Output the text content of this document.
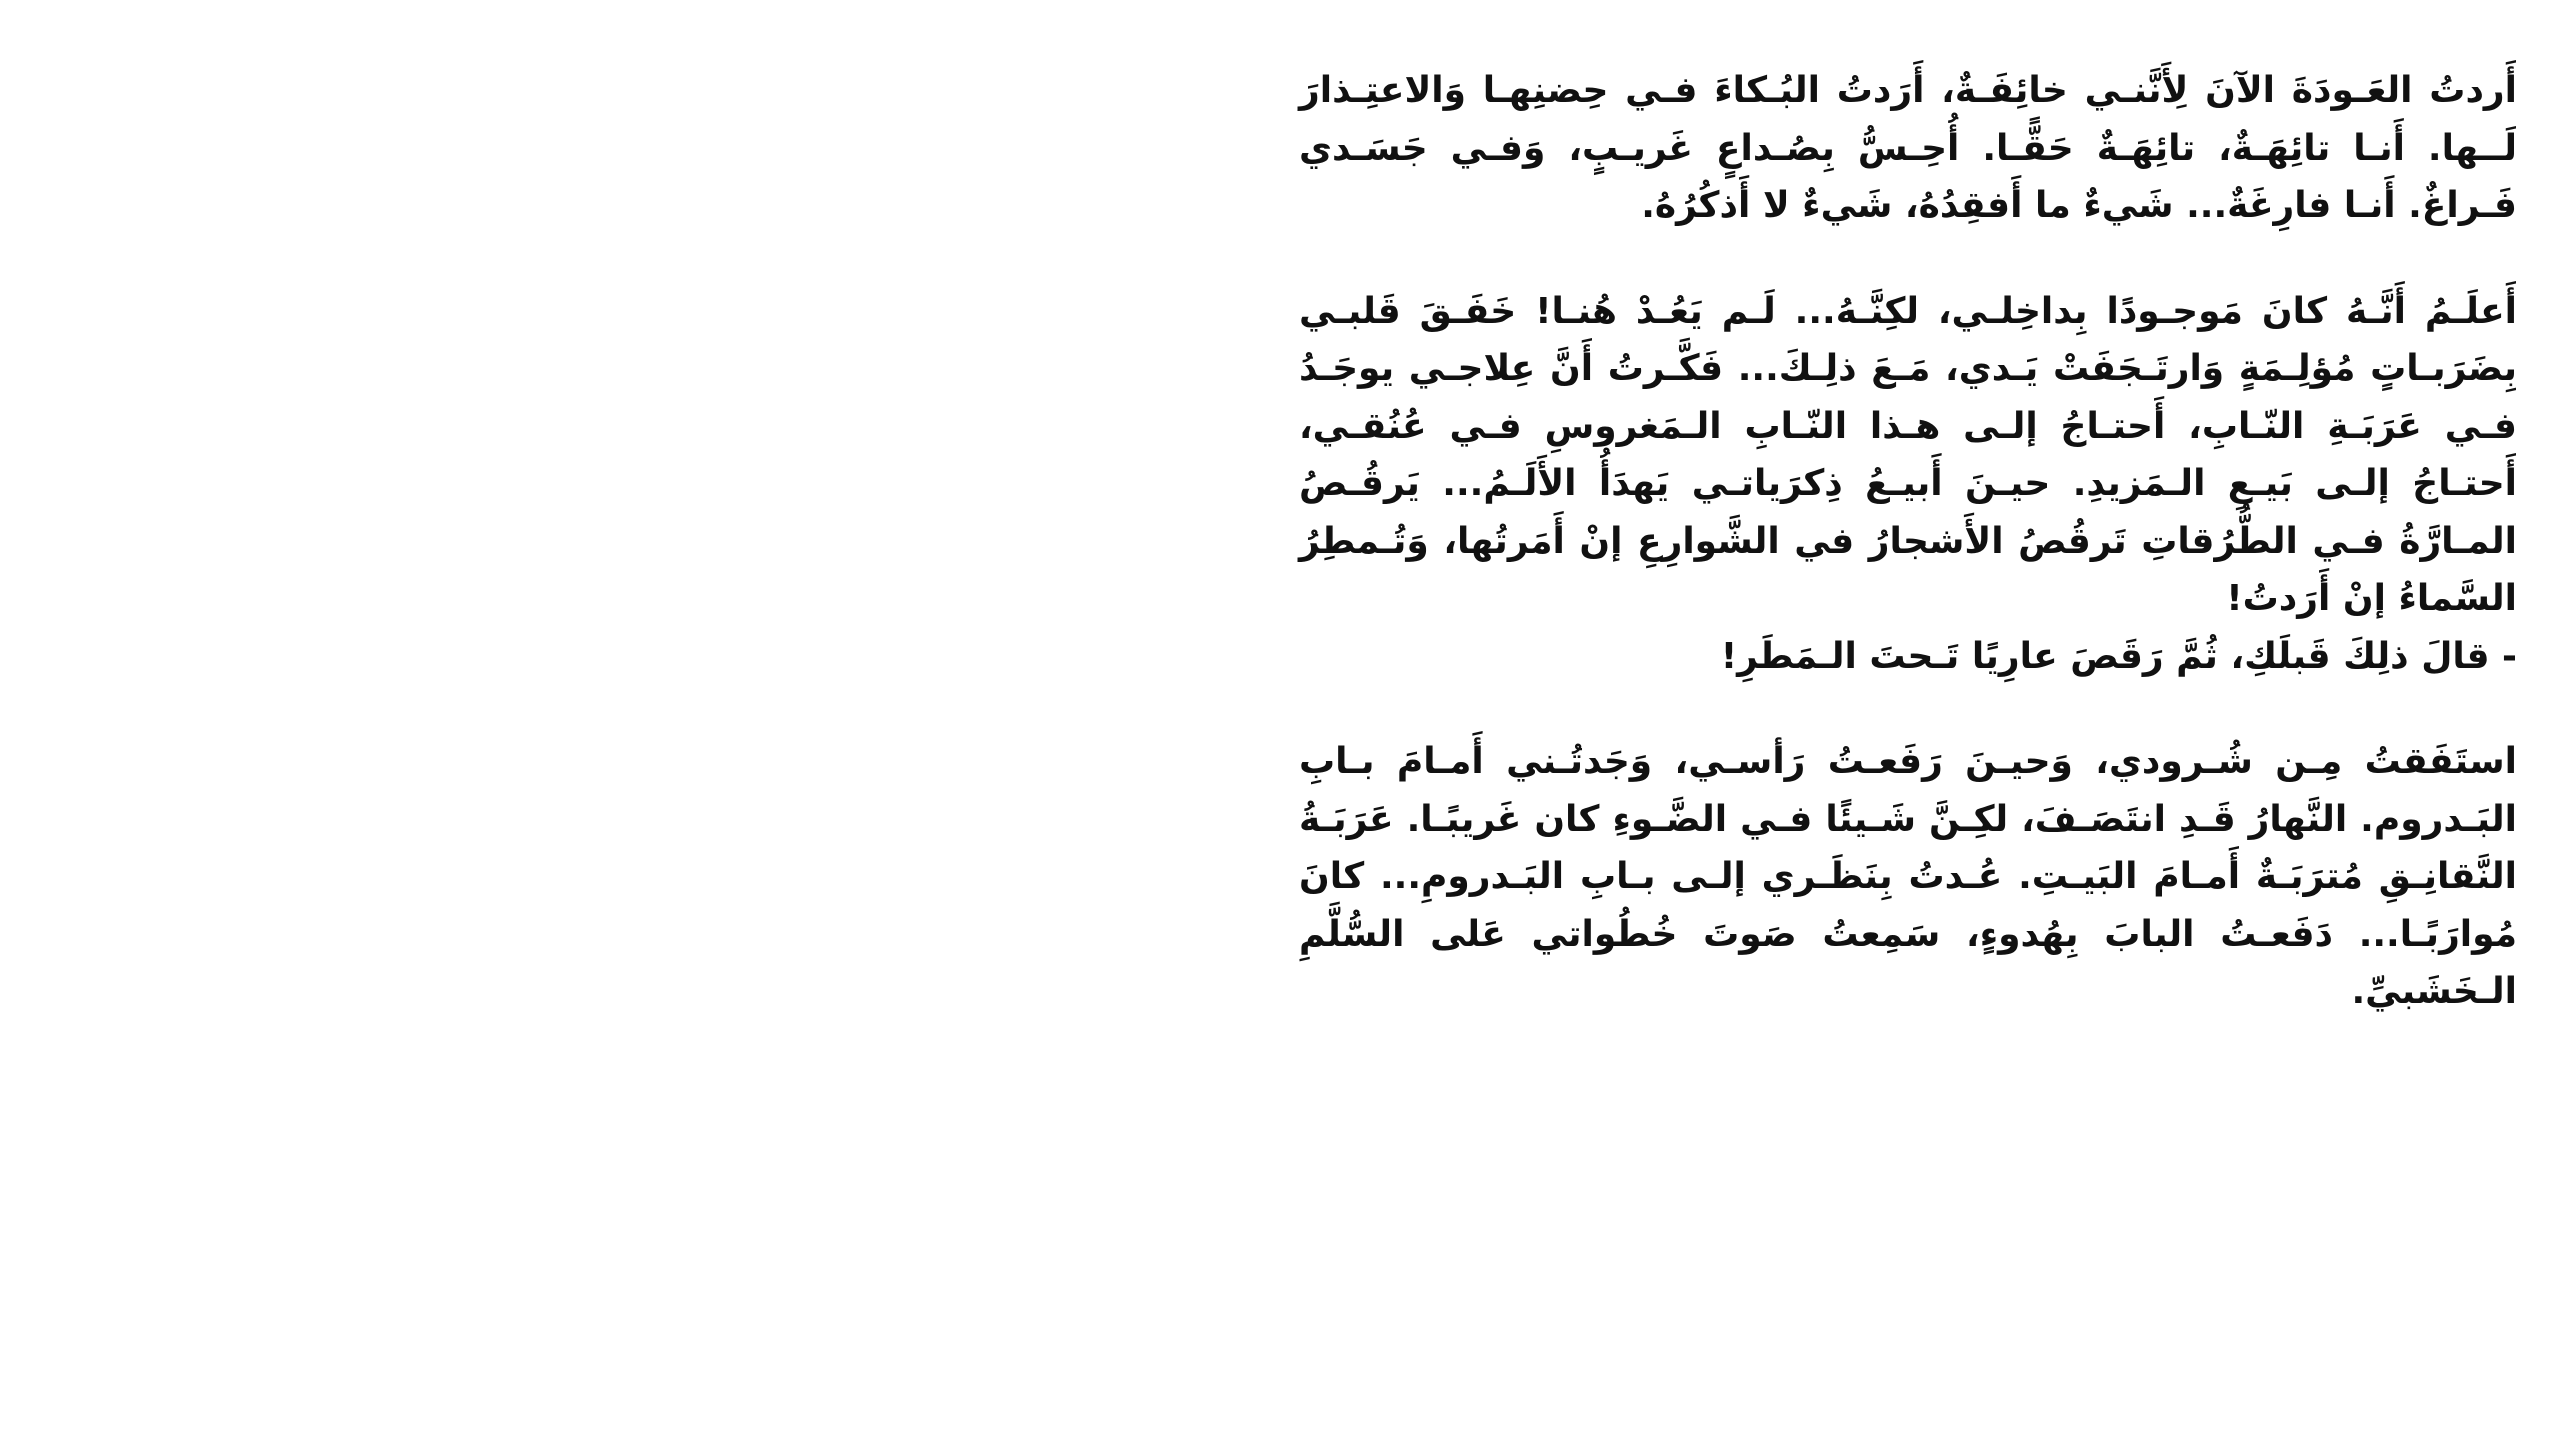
أَردتُ العَـودَةَ الآنَ لِأَنَّنـي خائِفَـةٌ، أَرَدتُ البُـكاءَ فـي حِضنِهـا وَالاعتِـذارَ لَــها. أَنـا تائِهَـةٌ، تائِهَـةٌ حَقًّـا. أُحِـسُّ بِصُـداعٍ غَريـبٍ، وَفـي جَسَـدي فَـراغٌ. أَنـا فارِغَةٌ... شَيءٌ ما أَفقِدُهُ، شَيءٌ لا أَذكُرُهُ.

أَعلَـمُ أَنَّـهُ كانَ مَوجـودًا بِداخِلـي، لكِنَّـهُ... لَـم يَعُـدْ هُنـا! خَفَـقَ قَلبـي بِضَرَبـاتٍ مُؤلِـمَةٍ وَارتَـجَفَتْ يَـدي، مَـعَ ذلِـكَ... فَكَّـرتُ أَنَّ عِلاجـي يوجَـدُ فـي عَرَبَـةِ النّـابِ، أَحتـاجُ إلـى هـذا النّـابِ الـمَغروسِ فـي عُنُقـي، أَحتـاجُ إلـى بَيـعِ الـمَزيدِ. حيـنَ أَبيـعُ ذِكرَياتـي يَهدَأُ الأَلَـمُ... يَرقُـصُ المـارَّةُ فـي الطُّرُقاتِ تَرقُصُ الأَشجارُ في الشَّوارِعِ إنْ أَمَرتُها، وَتُـمطِرُ السَّماءُ إنْ أَرَدتُ!

- قالَ ذلِكَ قَبلَكِ، ثُمَّ رَقَصَ عارِيًا تَـحتَ الـمَطَرِ!

استَفَقتُ مِـن شُـرودي، وَحيـنَ رَفَعـتُ رَأسـي، وَجَدتُـني أَمـامَ بـابِ البَـدروم. النَّهارُ قَـدِ انتَصَـفَ، لكِـنَّ شَـيئًا فـي الضَّـوءِ كان غَريبًـا. عَرَبَـةُ النَّقانِـقِ مُترَبَـةٌ أَمـامَ البَيـتِ. عُـدتُ بِنَظَـري إلـى بـابِ البَـدرومِ... كانَ مُوارَبًـا... دَفَعـتُ البابَ بِهُدوءٍ، سَمِعتُ صَوتَ خُطُواتي عَلى السُّلَّمِ الـخَشَبيِّ.
